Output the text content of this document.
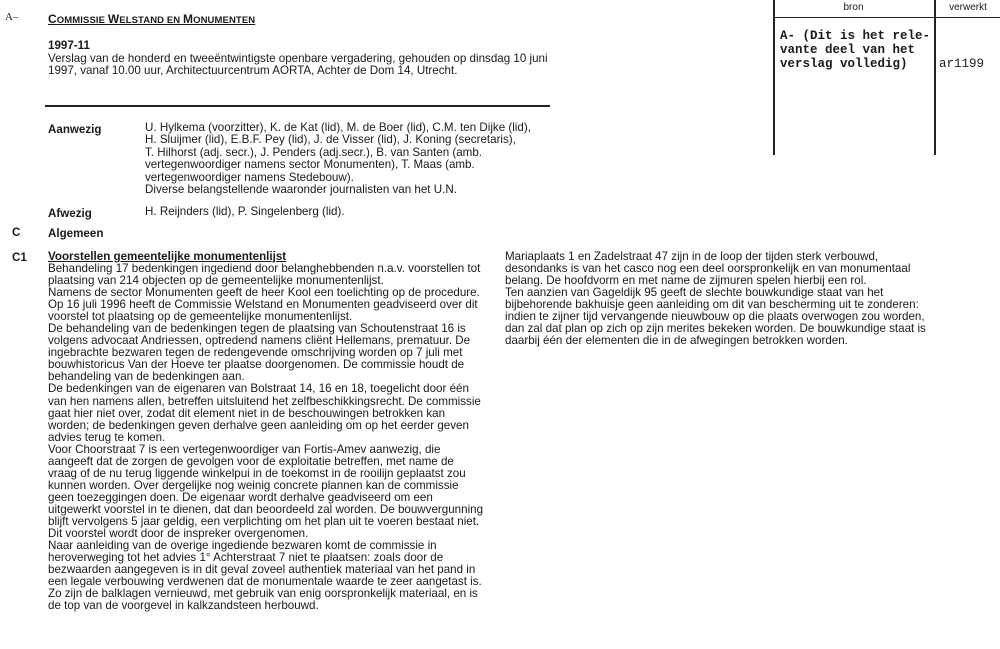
A– COMMISSIE WELSTAND EN MONUMENTEN
1997-11
Verslag van de honderd en tweeëntwintigste openbare vergadering, gehouden op dinsdag 10 juni
1997, vanaf 10.00 uur, Architectuurcentrum AORTA, Achter de Dom 14, Utrecht.
bron	verwerkt
A- (Dit is het rele-
vante deel van het
verslag volledig)	ar1199
Aanwezig	U. Hylkema (voorzitter), K. de Kat (lid), M. de Boer (lid), C.M. ten Dijke (lid),
H. Sluijmer (lid), E.B.F. Pey (lid), J. de Visser (lid), J. Koning (secretaris),
T. Hilhorst (adj. secr.), J. Penders (adj.secr.), B. van Santen (amb.
vertegenwoordiger namens sector Monumenten), T. Maas (amb.
vertegenwoordiger namens Stedebouw).
Diverse belangstellende waaronder journalisten van het U.N.
Afwezig	H. Reijnders (lid), P. Singelenberg (lid).
C Algemeen
C1 Voorstellen gemeentelijke monumentenlijst
Behandeling 17 bedenkingen ingediend door belanghebbenden n.a.v. voorstellen tot
plaatsing van 214 objecten op de gemeentelijke monumentenlijst.
Namens de sector Monumenten geeft de heer Kool een toelichting op de procedure.
Op 16 juli 1996 heeft de Commissie Welstand en Monumenten geadviseerd over dit
voorstel tot plaatsing op de gemeentelijke monumentenlijst.
De behandeling van de bedenkingen tegen de plaatsing van Schoutenstraat 16 is
volgens advocaat Andriessen, optredend namens cliënt Hellemans, prematuur. De
ingebrachte bezwaren tegen de redengevende omschrijving worden op 7 juli met
bouwhistoricus Van der Hoeve ter plaatse doorgenomen. De commissie houdt de
behandeling van de bedenkingen aan.
De bedenkingen van de eigenaren van Bolstraat 14, 16 en 18, toegelicht door één
van hen namens allen, betreffen uitsluitend het zelfbeschikkingsrecht. De commissie
gaat hier niet over, zodat dit element niet in de beschouwingen betrokken kan
worden; de bedenkingen geven derhalve geen aanleiding om op het eerder geven
advies terug te komen.
Voor Choorstraat 7 is een vertegenwoordiger van Fortis-Amev aanwezig, die
aangeeft dat de zorgen de gevolgen voor de exploitatie betreffen, met name de
vraag of de nu terug liggende winkelpui in de toekomst in de rooilijn geplaatst zou
kunnen worden. Over dergelijke nog weinig concrete plannen kan de commissie
geen toezeggingen doen. De eigenaar wordt derhalve geadviseerd om een
uitgewerkt voorstel in te dienen, dat dan beoordeeld zal worden. De bouwvergunning
blijft vervolgens 5 jaar geldig, een verplichting om het plan uit te voeren bestaat niet.
Dit voorstel wordt door de inspreker overgenomen.
Naar aanleiding van de overige ingediende bezwaren komt de commissie in
heroverweging tot het advies 1° Achterstraat 7 niet te plaatsen: zoals door de
bezwaarden aangegeven is in dit geval zoveel authentiek materiaal van het pand in
een legale verbouwing verdwenen dat de monumentale waarde te zeer aangetast is.
Zo zijn de balklagen vernieuwd, met gebruik van enig oorspronkelijk materiaal, en is
de top van de voorgevel in kalkzandsteen herbouwd.
Mariaplaats 1 en Zadelstraat 47 zijn in de loop der tijden sterk verbouwd,
desondanks is van het casco nog een deel oorspronkelijk en van monumentaal
belang. De hoofdvorm en met name de zijmuren spelen hierbij een rol.
Ten aanzien van Gageldijk 95 geeft de slechte bouwkundige staat van het
bijbehorende bakhuisje geen aanleiding om dit van bescherming uit te zonderen:
indien te zijner tijd vervangende nieuwbouw op die plaats overwogen zou worden,
dan zal dat plan op zich op zijn merites bekeken worden. De bouwkundige staat is
daarbij één der elementen die in de afwegingen betrokken worden.
